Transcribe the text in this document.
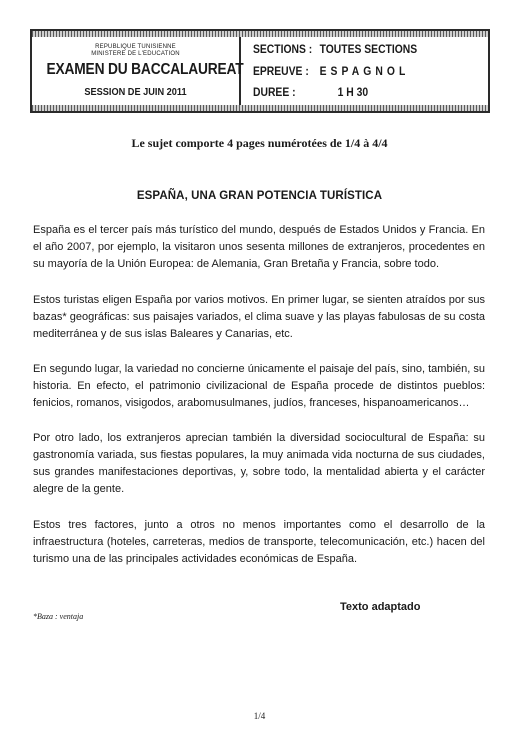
REPUBLIQUE TUNISIENNE
MINISTERE DE L'EDUCATION
EXAMEN DU BACCALAUREAT
SESSION DE JUIN 2011
SECTIONS : TOUTES SECTIONS
EPREUVE : ESPAGNOL
DUREE :	1 H 30
Le sujet comporte 4 pages numérotées de 1/4 à 4/4
ESPAÑA, UNA GRAN POTENCIA TURÍSTICA

España es el tercer país más turístico del mundo, después de Estados Unidos y Francia. En el año 2007, por ejemplo, la visitaron unos sesenta millones de extranjeros, procedentes en su mayoría de la Unión Europea: de Alemania, Gran Bretaña y Francia, sobre todo.

Estos turistas eligen España por varios motivos. En primer lugar, se sienten atraídos por sus bazas* geográficas: sus paisajes variados, el clima suave y las playas fabulosas de su costa mediterránea y de sus islas Baleares y Canarias, etc.

En segundo lugar, la variedad no concierne únicamente el paisaje del país, sino, también, su historia. En efecto, el patrimonio civilizacional de España procede de distintos pueblos: fenicios, romanos, visigodos, arabomusulmanes, judíos, franceses, hispanoamericanos…

Por otro lado, los extranjeros aprecian también la diversidad sociocultural de España: su gastronomía variada, sus fiestas populares, la muy animada vida nocturna de sus ciudades, sus grandes manifestaciones deportivas, y, sobre todo, la mentalidad abierta y el carácter alegre de la gente.

Estos tres factores, junto a otros no menos importantes como el desarrollo de la infraestructura (hoteles, carreteras, medios de transporte, telecomunicación, etc.) hacen del turismo una de las principales actividades económicas de España.

Texto adaptado
*Baza : ventaja
1/4
